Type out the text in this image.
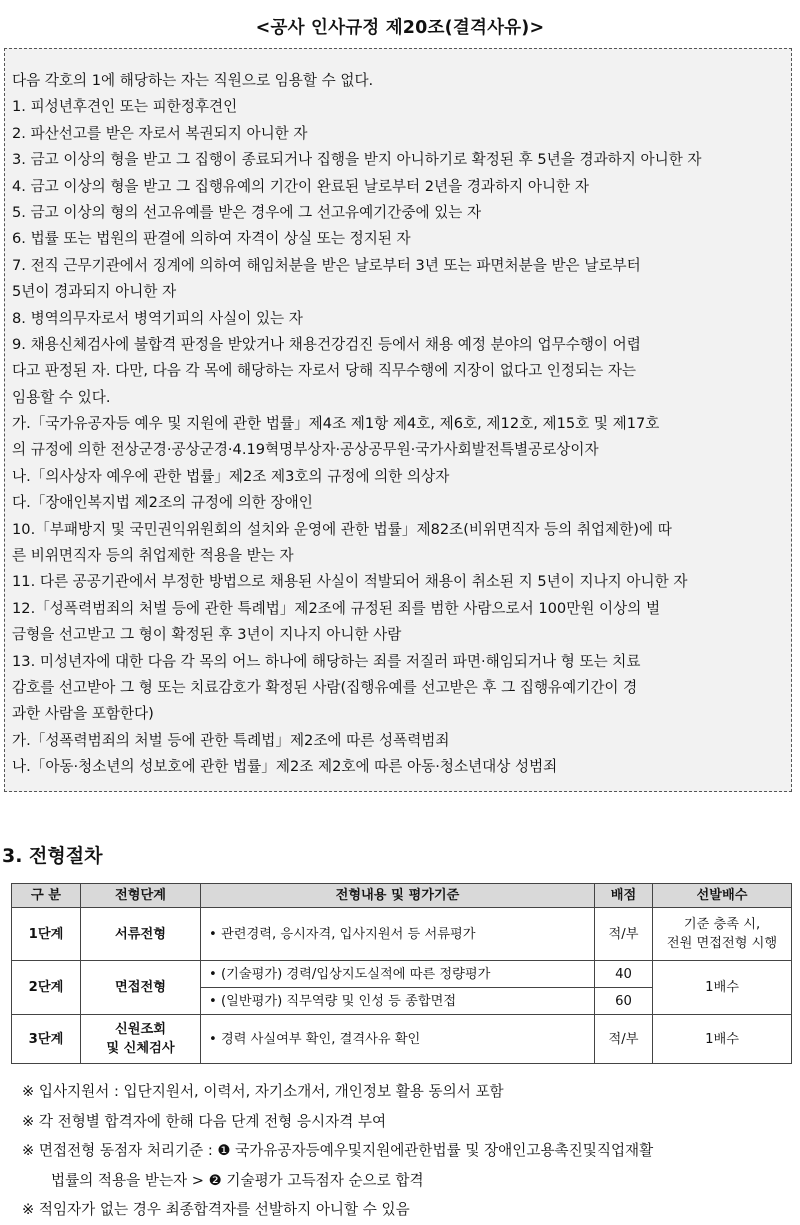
<공사 인사규정 제20조(결격사유)>
다음 각호의 1에 해당하는 자는 직원으로 임용할 수 없다.
1. 피성년후견인 또는 피한정후견인
2. 파산선고를 받은 자로서 복권되지 아니한 자
3. 금고 이상의 형을 받고 그 집행이 종료되거나 집행을 받지 아니하기로 확정된 후 5년을 경과하지 아니한 자
4. 금고 이상의 형을 받고 그 집행유예의 기간이 완료된 날로부터 2년을 경과하지 아니한 자
5. 금고 이상의 형의 선고유예를 받은 경우에 그 선고유예기간중에 있는 자
6. 법률 또는 법원의 판결에 의하여 자격이 상실 또는 정지된 자
7. 전직 근무기관에서 징계에 의하여 해임처분을 받은 날로부터 3년 또는 파면처분을 받은 날로부터
5년이 경과되지 아니한 자
8. 병역의무자로서 병역기피의 사실이 있는 자
9. 채용신체검사에 불합격 판정을 받았거나 채용건강검진 등에서 채용 예정 분야의 업무수행이 어렵
다고 판정된 자. 다만, 다음 각 목에 해당하는 자로서 당해 직무수행에 지장이 없다고 인정되는 자는
임용할 수 있다.
가.「국가유공자등 예우 및 지원에 관한 법률」제4조 제1항 제4호, 제6호, 제12호, 제15호 및 제17호
의 규정에 의한 전상군경·공상군경·4.19혁명부상자·공상공무원·국가사회발전특별공로상이자
나.「의사상자 예우에 관한 법률」제2조 제3호의 규정에 의한 의상자
다.「장애인복지법 제2조의 규정에 의한 장애인
10.「부패방지 및 국민권익위원회의 설치와 운영에 관한 법률」제82조(비위면직자 등의 취업제한)에 따
른 비위면직자 등의 취업제한 적용을 받는 자
11. 다른 공공기관에서 부정한 방법으로 채용된 사실이 적발되어 채용이 취소된 지 5년이 지나지 아니한 자
12.「성폭력범죄의 처벌 등에 관한 특례법」제2조에 규정된 죄를 범한 사람으로서 100만원 이상의 벌
금형을 선고받고 그 형이 확정된 후 3년이 지나지 아니한 사람
13. 미성년자에 대한 다음 각 목의 어느 하나에 해당하는 죄를 저질러 파면·해임되거나 형 또는 치료
감호를 선고받아 그 형 또는 치료감호가 확정된 사람(집행유예를 선고받은 후 그 집행유예기간이 경
과한 사람을 포함한다)
가.「성폭력범죄의 처벌 등에 관한 특례법」제2조에 따른 성폭력범죄
나.「아동·청소년의 성보호에 관한 법률」제2조 제2호에 따른 아동·청소년대상 성범죄
3. 전형절차
구 분	전형단계	전형내용 및 평가기준	배점	선발배수
1단계	서류전형	• 관련경력, 응시자격, 입사지원서 등 서류평가	적/부	기준 충족 시,
전원 면접전형 시행

2단계	면접전형	• (기술평가) 경력/입상지도실적에 따른 정량평가	40	1배수
		• (일반평가) 직무역량 및 인성 등 종합면접	60	
3단계	신원조회
및 신체검사	• 경력 사실여부 확인, 결격사유 확인	적/부	1배수
※ 입사지원서 : 입단지원서, 이력서, 자기소개서, 개인정보 활용 동의서 포함
※ 각 전형별 합격자에 한해 다음 단계 전형 응시자격 부여
※ 면접전형 동점자 처리기준 : ❶ 국가유공자등예우및지원에관한법률 및 장애인고용촉진및직업재활
법률의 적용을 받는자 > ❷ 기술평가 고득점자 순으로 합격
※ 적임자가 없는 경우 최종합격자를 선발하지 아니할 수 있음
